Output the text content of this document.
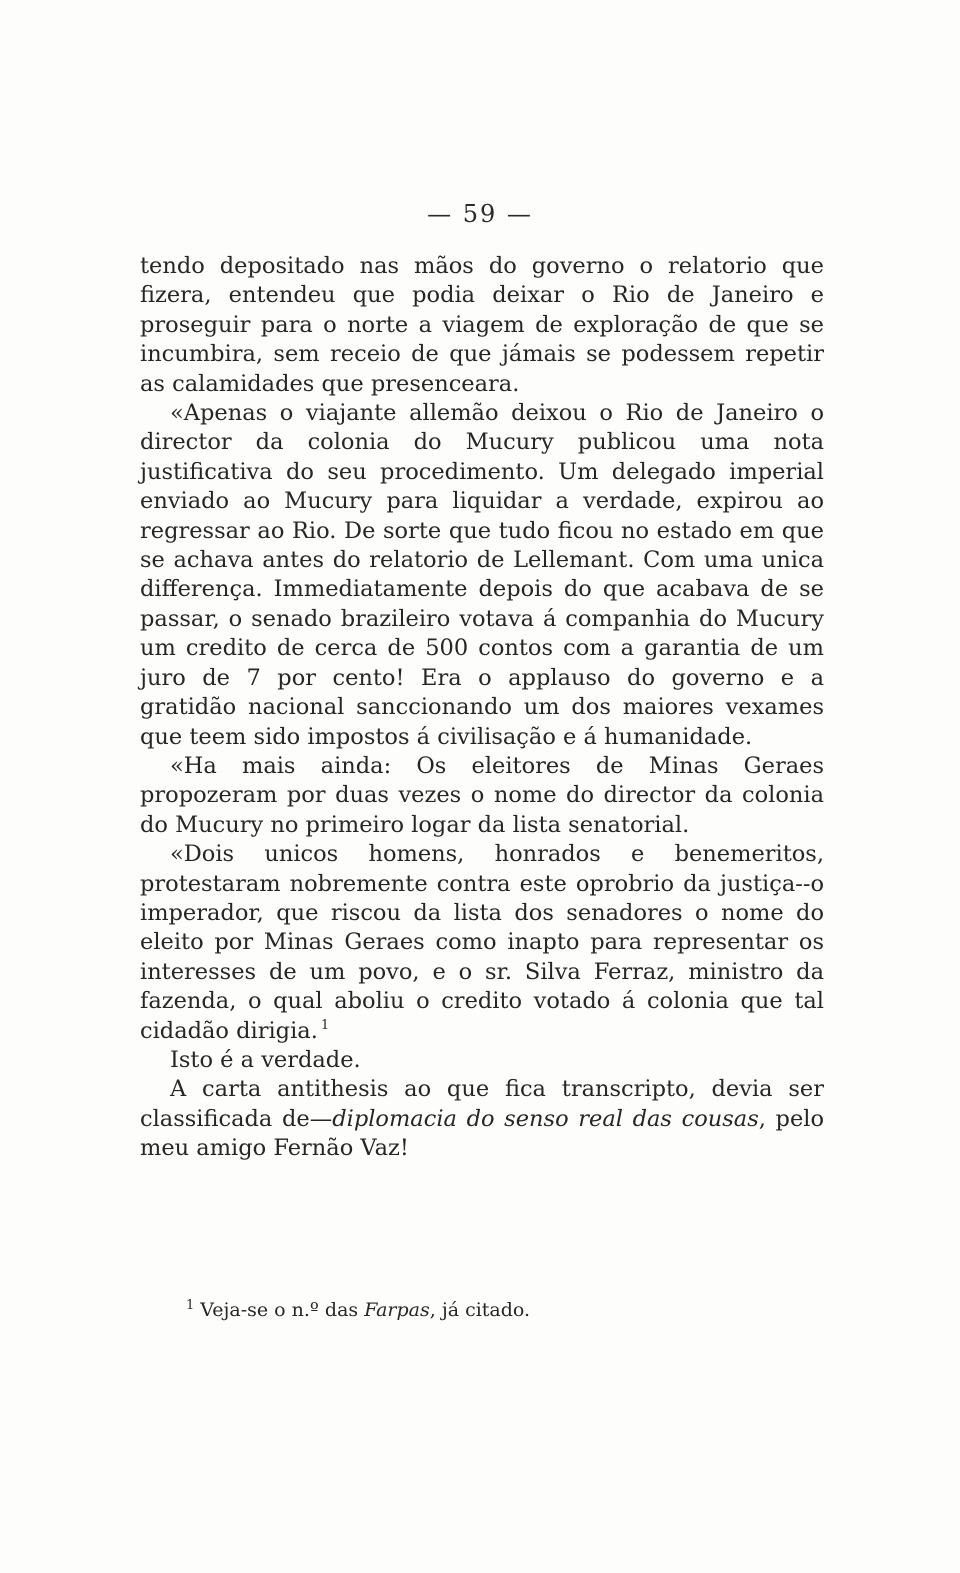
— 59 —

tendo depositado nas mãos do governo o relatorio que fizera, entendeu que podia deixar o Rio de Janeiro e proseguir para o norte a viagem de exploração de que se incumbira, sem receio de que jámais se podessem repetir as calamidades que presenceara.

«Apenas o viajante allemão deixou o Rio de Janeiro o director da colonia do Mucury publicou uma nota justificativa do seu procedimento. Um delegado imperial enviado ao Mucury para liquidar a verdade, expirou ao regressar ao Rio. De sorte que tudo ficou no estado em que se achava antes do relatorio de Lellemant. Com uma unica differença. Immediatamente depois do que acabava de se passar, o senado brazileiro votava á companhia do Mucury um credito de cerca de 500 contos com a garantia de um juro de 7 por cento! Era o applauso do governo e a gratidão nacional sanccionando um dos maiores vexames que teem sido impostos á civilisação e á humanidade.

«Ha mais ainda: Os eleitores de Minas Geraes propozeram por duas vezes o nome do director da colonia do Mucury no primeiro logar da lista senatorial.

«Dois unicos homens, honrados e benemeritos, protestaram nobremente contra este oprobrio da justiça--o imperador, que riscou da lista dos senadores o nome do eleito por Minas Geraes como inapto para representar os interesses de um povo, e o sr. Silva Ferraz, ministro da fazenda, o qual aboliu o credito votado á colonia que tal cidadão dirigia. $^1$

Isto é a verdade.

A carta antithesis ao que fica transcripto, devia ser classificada de—diplomacia do senso real das cousas, pelo meu amigo Fernão Vaz!

$^1$ Veja-se o n.º das Farpas, já citado.
